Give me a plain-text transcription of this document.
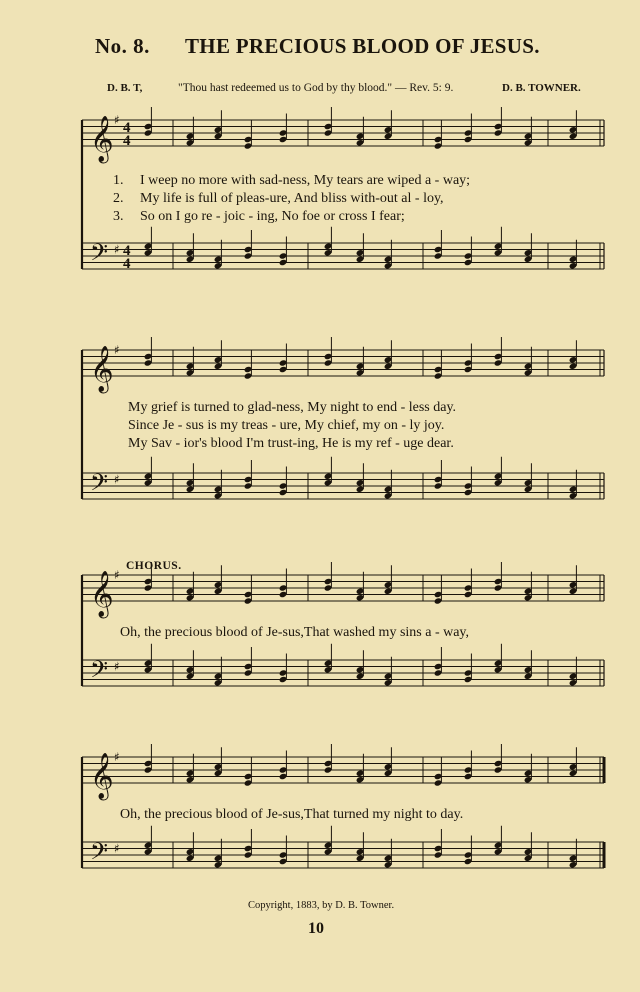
No. 8. THE PRECIOUS BLOOD OF JESUS.
D. B. T,	"Thou hast redeemed us to God by thy blood." — Rev. 5: 9.	D. B. TOWNER.
𝄞
𝄢
♯
♯
4
4
4
4
1. I weep no more with sad-ness, My tears are wiped a - way;
2. My life is full of pleas-ure, And bliss with-out al - loy,
3. So on I go re - joic - ing, No foe or cross I fear;
𝄞
𝄢
♯
♯
My grief is turned to glad-ness, My night to end - less day.
Since Je - sus is my treas - ure, My chief, my on - ly joy.
My Sav - ior's blood I'm trust-ing, He is my ref - uge dear.
CHORUS.
𝄞
𝄢
♯
♯
Oh, the precious blood of Je-sus,That washed my sins a - way,
𝄞
𝄢
♯
♯
Oh, the precious blood of Je-sus,That turned my night to day.
Copyright, 1883, by D. B. Towner.
10
